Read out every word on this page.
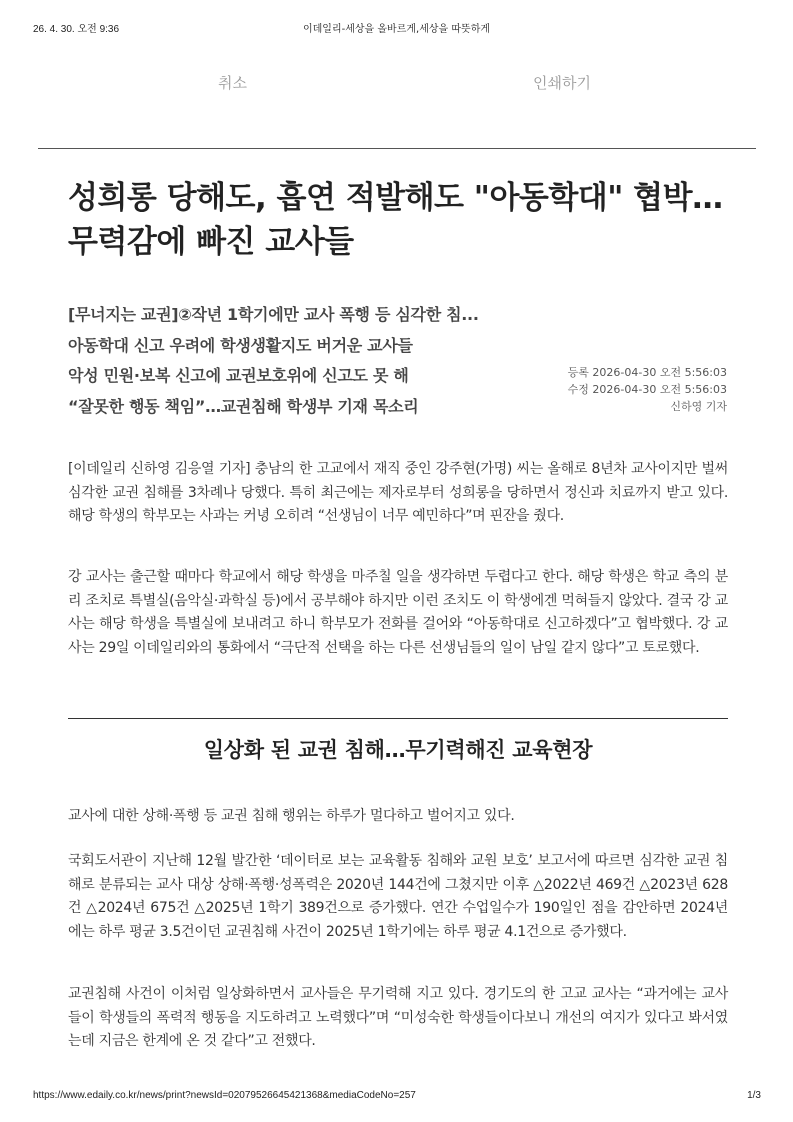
26. 4. 30. 오전 9:36	이데일리-세상을 올바르게,세상을 따뜻하게
취소	인쇄하기
성희롱 당해도, 흡연 적발해도 "아동학대" 협박…무력감에 빠진 교사들
[무너지는 교권]②작년 1학기에만 교사 폭행 등 심각한 침...
아동학대 신고 우려에 학생생활지도 버거운 교사들
악성 민원·보복 신고에 교권보호위에 신고도 못 해
“잘못한 행동 책임”…교권침해 학생부 기재 목소리
등록 2026-04-30 오전 5:56:03
수정 2026-04-30 오전 5:56:03
신하영 기자

[이데일리 신하영 김응열 기자] 충남의 한 고교에서 재직 중인 강주현(가명) 씨는 올해로 8년차 교사이지만 벌써 심각한 교권 침해를 3차례나 당했다. 특히 최근에는 제자로부터 성희롱을 당하면서 정신과 치료까지 받고 있다. 해당 학생의 학부모는 사과는 커녕 오히려 “선생님이 너무 예민하다”며 핀잔을 줬다.

강 교사는 출근할 때마다 학교에서 해당 학생을 마주칠 일을 생각하면 두렵다고 한다. 해당 학생은 학교 측의 분리 조치로 특별실(음악실·과학실 등)에서 공부해야 하지만 이런 조치도 이 학생에겐 먹혀들지 않았다. 결국 강 교사는 해당 학생을 특별실에 보내려고 하니 학부모가 전화를 걸어와 “아동학대로 신고하겠다”고 협박했다. 강 교사는 29일 이데일리와의 통화에서 “극단적 선택을 하는 다른 선생님들의 일이 남일 같지 않다”고 토로했다.

일상화 된 교권 침해…무기력해진 교육현장

교사에 대한 상해·폭행 등 교권 침해 행위는 하루가 멀다하고 벌어지고 있다.

국회도서관이 지난해 12월 발간한 ‘데이터로 보는 교육활동 침해와 교원 보호’ 보고서에 따르면 심각한 교권 침해로 분류되는 교사 대상 상해·폭행·성폭력은 2020년 144건에 그쳤지만 이후 △2022년 469건 △2023년 628건 △2024년 675건 △2025년 1학기 389건으로 증가했다. 연간 수업일수가 190일인 점을 감안하면 2024년에는 하루 평균 3.5건이던 교권침해 사건이 2025년 1학기에는 하루 평균 4.1건으로 증가했다.

교권침해 사건이 이처럼 일상화하면서 교사들은 무기력해 지고 있다. 경기도의 한 고교 교사는 “과거에는 교사들이 학생들의 폭력적 행동을 지도하려고 노력했다”며 “미성숙한 학생들이다보니 개선의 여지가 있다고 봐서였는데 지금은 한계에 온 것 같다”고 전했다.

https://www.edaily.co.kr/news/print?newsId=02079526645421368&mediaCodeNo=257	1/3
